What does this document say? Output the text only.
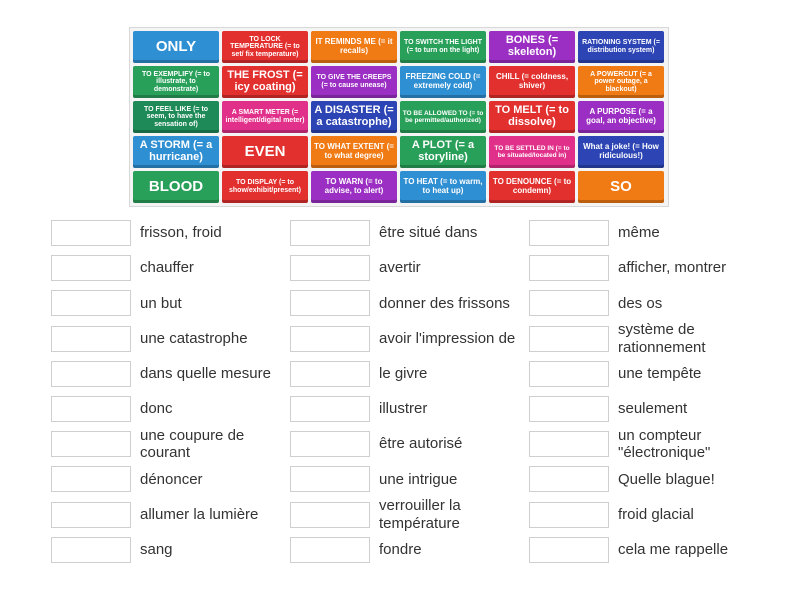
ONLY	TO LOCK TEMPERATURE (= to set/ fix temperature)
IT REMINDS ME (= it recalls)
TO SWITCH THE LIGHT (= to turn on the light)
BONES (= skeleton)
RATIONING SYSTEM (= distribution system)
TO EXEMPLIFY (= to illustrate, to demonstrate)
THE FROST (= icy coating)
TO GIVE THE CREEPS (= to cause unease)
FREEZING COLD (= extremely cold)
CHILL (= coldness, shiver)
A POWERCUT (= a power outage, a blackout)
TO FEEL LIKE (= to seem, to have the sensation of)
A SMART METER (= intelligent/digital meter)
A DISASTER (= a catastrophe)
TO BE ALLOWED TO (= to be permitted/authorized)
TO MELT (= to dissolve)
A PURPOSE (= a goal, an objective)
A STORM (= a hurricane)	EVEN	TO WHAT EXTENT (= to what degree)
A PLOT (= a storyline)
TO BE SETTLED IN (= to be situated/located in)
What a joke! (= How ridiculous!)
BLOOD	TO DISPLAY (= to show/exhibit/present)
TO WARN (= to advise, to alert)
TO HEAT (= to warm, to heat up)
TO DENOUNCE (= to condemn)	SO
frisson, froid
chauffer
un but
une catastrophe
dans quelle mesure
donc
une coupure de courant
dénoncer
allumer la lumière
sang
être situé dans
avertir
donner des frissons
avoir l'impression de
le givre
illustrer
être autorisé
une intrigue
verrouiller la température
fondre
même
afficher, montrer
des os
système de rationnement
une tempête
seulement
un compteur "électronique"
Quelle blague!
froid glacial
cela me rappelle
